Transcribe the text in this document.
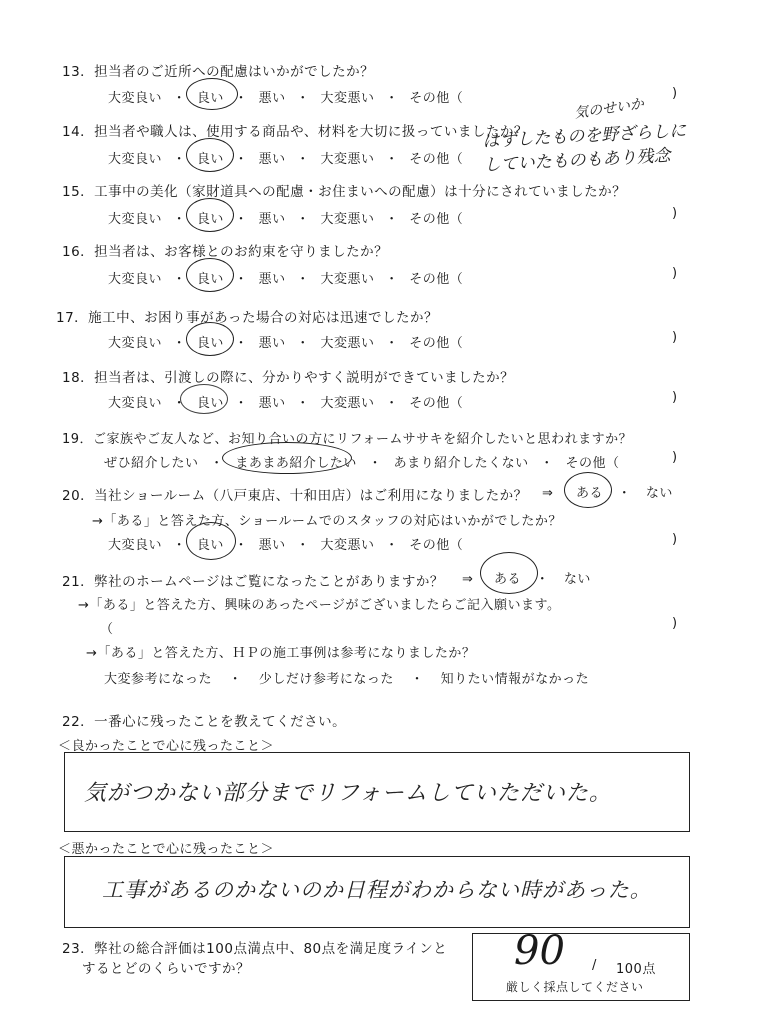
13．担当者のご近所への配慮はいかがでしたか？
大変良い ・ 良い ・ 悪い ・ 大変悪い ・ その他（	)
14．担当者や職人は、使用する商品や、材料を大切に扱っていましたか？
大変良い ・ 良い ・ 悪い ・ 大変悪い ・ その他（
気のせいか
はずしたものを野ざらしにしていたものもあり残念
15．工事中の美化（家財道具への配慮・お住まいへの配慮）は十分にされていましたか？
大変良い ・ 良い ・ 悪い ・ 大変悪い ・ その他（	)
16．担当者は、お客様とのお約束を守りましたか？
大変良い ・ 良い ・ 悪い ・ 大変悪い ・ その他（	)
17．施工中、お困り事があった場合の対応は迅速でしたか？
大変良い ・ 良い ・ 悪い ・ 大変悪い ・ その他（	)
18．担当者は、引渡しの際に、分かりやすく説明ができていましたか？
大変良い ・ 良い ・ 悪い ・ 大変悪い ・ その他（	)
19．ご家族やご友人など、お知り合いの方にリフォームササキを紹介したいと思われますか？
ぜひ紹介したい ・ まあまあ紹介したい ・ あまり紹介したくない ・ その他（	)
20．当社ショールーム（八戸東店、十和田店）はご利用になりましたか？ ⇒ ある ・ ない
→「ある」と答えた方、ショールームでのスタッフの対応はいかがでしたか？
大変良い ・ 良い ・ 悪い ・ 大変悪い ・ その他（	)
21．弊社のホームページはご覧になったことがありますか？ ⇒ ある ・ ない
→「ある」と答えた方、興味のあったページがございましたらご記入願います。
（	)
→「ある」と答えた方、ＨＰの施工事例は参考になりましたか？
大変参考になった ・ 少しだけ参考になった ・ 知りたい情報がなかった
22．一番心に残ったことを教えてください。
＜良かったことで心に残ったこと＞
気がつかない部分までリフォームしていただいた。
＜悪かったことで心に残ったこと＞
工事があるのかないのか日程がわからない時があった。
23．弊社の総合評価は100点満点中、80点を満足度ラインと
するとどのくらいですか？	90 / 100点
厳しく採点してください
